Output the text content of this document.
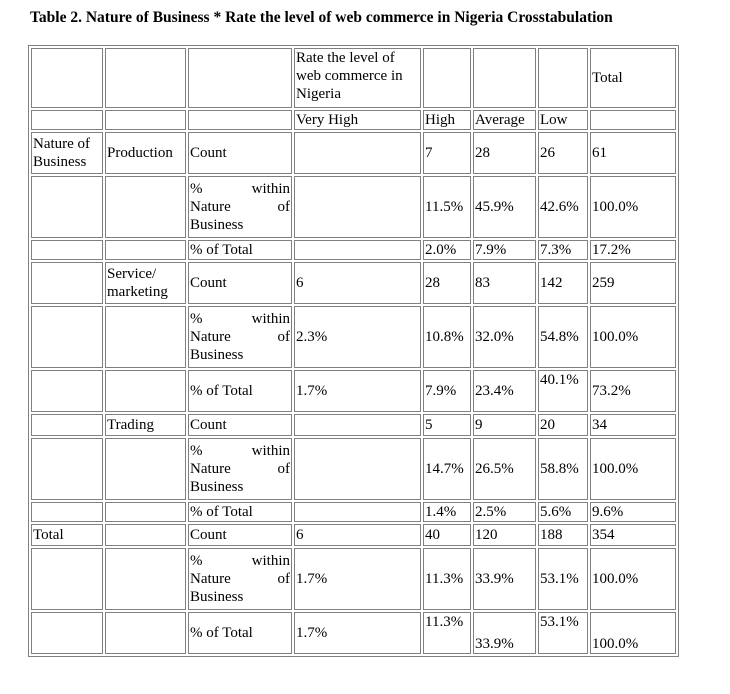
Table 2. Nature of Business * Rate the level of web commerce in Nigeria Crosstabulation
			Rate the level of web commerce in Nigeria				Total
			Very High	High	Average	Low	
Nature of Business	Production	Count		7	28	26	61

		% within
Nature of
Business		11.5%	45.9%	42.6%	100.0%
		% of Total		2.0%	7.9%	7.3%	17.2%
	Service/ marketing	Count	6	28	83	142	259

		% within
Nature of
Business	2.3%	10.8%	32.0%	54.8%	100.0%
		% of Total	1.7%	7.9%	23.4%	40.1%	73.2%
	Trading	Count		5	9	20	34

		% within
Nature of
Business		14.7%	26.5%	58.8%	100.0%
		% of Total		1.4%	2.5%	5.6%	9.6%
Total		Count	6	40	120	188	354

		% within
Nature of
Business	1.7%	11.3%	33.9%	53.1%	100.0%
		% of Total	1.7%	11.3%	33.9%	53.1%	100.0%
